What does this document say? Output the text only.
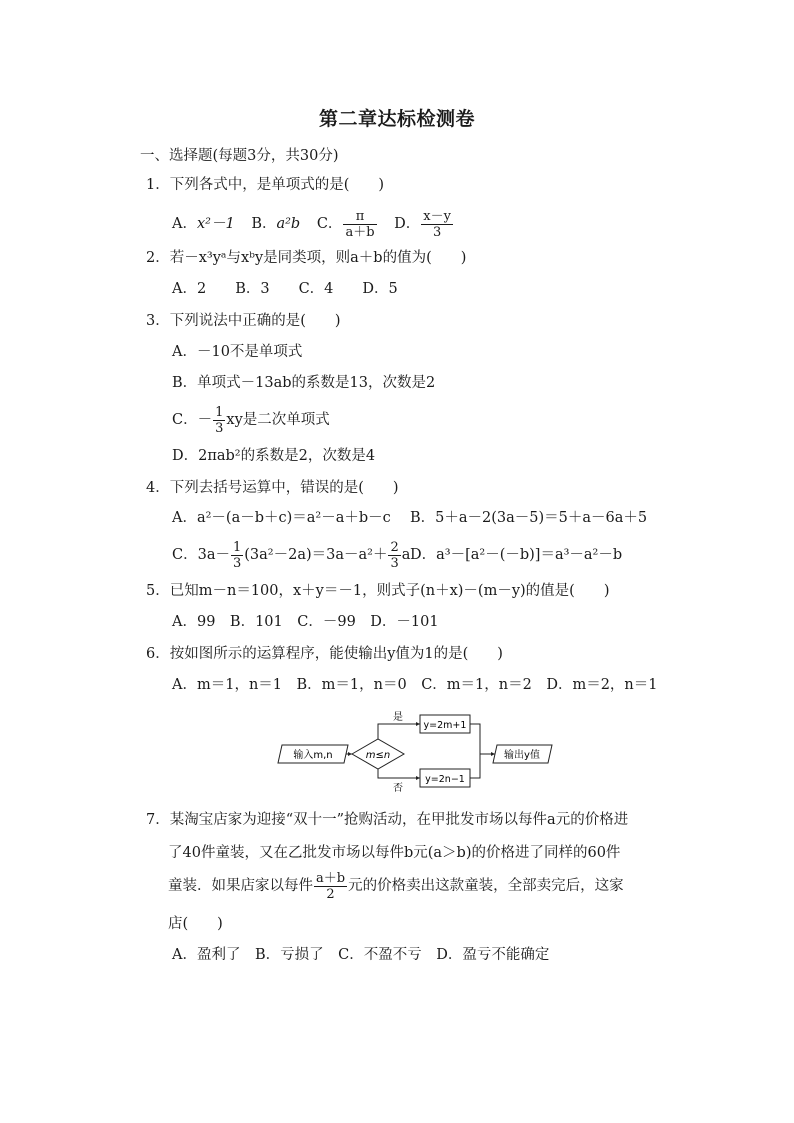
第二章达标检测卷
一、选择题(每题3分，共30分)
1．下列各式中，是单项式的是(　　)
A．x²－1 B．a²b C． $\frac{\pi}{a+b}$ D． $\frac{x-y}{3}$
2．若－x³yᵃ与xᵇy是同类项，则a＋b的值为(　　)
A．2　　B．3　　C．4　　D．5
3．下列说法中正确的是(　　)
A．－10不是单项式
B．单项式－13ab的系数是13，次数是2
C．－ $\frac{1}{3}$ xy是二次单项式
D．2πab²的系数是2，次数是4
4．下列去括号运算中，错误的是(　　)
A．a²－(a－b＋c)＝a²－a＋b－c B．5＋a－2(3a－5)＝5＋a－6a＋5
C．$3a- \frac{1}{3} (3a^2-2a)=3a-a^2+ \frac{2}{3}$ a D．a³－[a²－(－b)]＝a³－a²－b
5．已知m－n＝100，x＋y＝－1，则式子(n＋x)－(m－y)的值是(　　)
A．99　B．101　C．－99　D．－101
6．按如图所示的运算程序，能使输出y值为1的是(　　)
A．m＝1，n＝1　B．m＝1，n＝0　C．m＝1，n＝2　D．m＝2，n＝1
输入m,n	m≤n
是
否
y=2m+1
y=2n−1
输出y值
7．某淘宝店家为迎接“双十一”抢购活动，在甲批发市场以每件a元的价格进
了40件童装，又在乙批发市场以每件b元(a＞b)的价格进了同样的60件
童装．如果店家以每件 $\frac{a+b}{2}$ 元的价格卖出这款童装，全部卖完后，这家
店(　　)
A．盈利了　B．亏损了　C．不盈不亏　D．盈亏不能确定
